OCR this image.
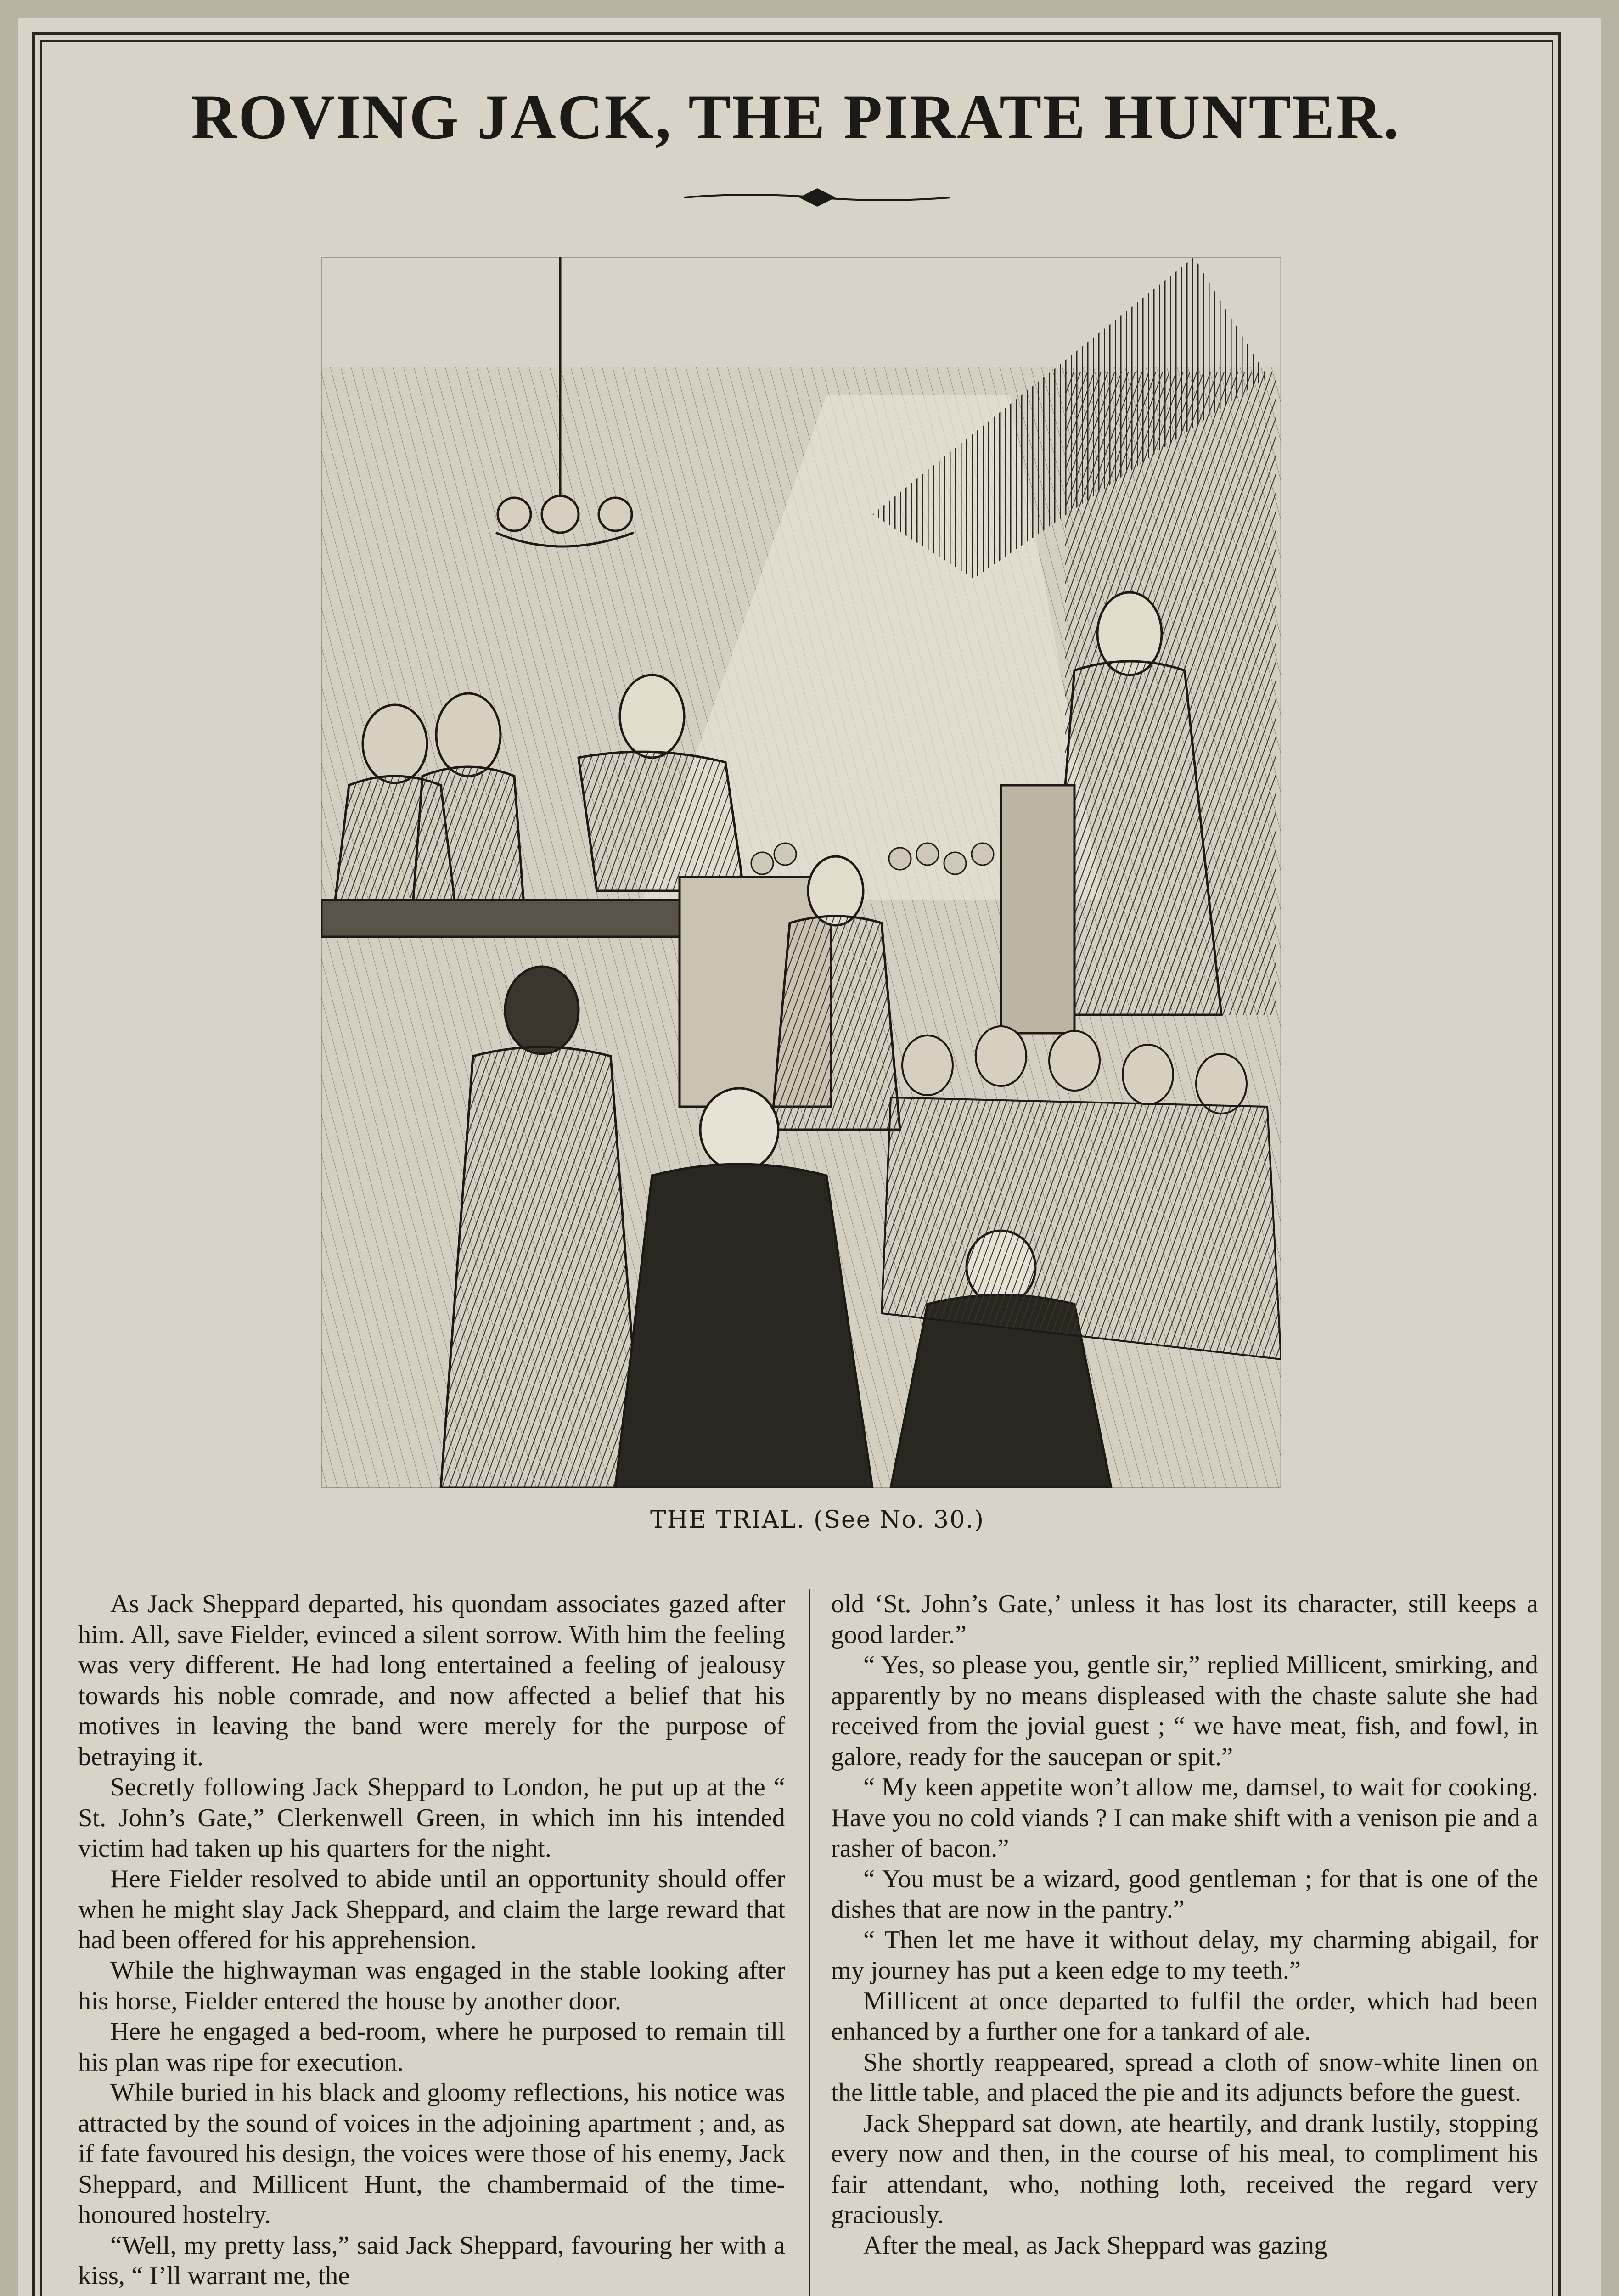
ROVING JACK, THE PIRATE HUNTER.
THE TRIAL. (See No. 30.)

As Jack Sheppard departed, his quondam associates gazed after him. All, save Fielder, evinced a silent sorrow. With him the feeling was very different. He had long entertained a feeling of jealousy towards his noble comrade, and now affected a belief that his motives in leaving the band were merely for the purpose of betraying it.

Secretly following Jack Sheppard to London, he put up at the “ St. John’s Gate,” Clerkenwell Green, in which inn his intended victim had taken up his quarters for the night.

Here Fielder resolved to abide until an opportunity should offer when he might slay Jack Sheppard, and claim the large reward that had been offered for his apprehension.

While the highwayman was engaged in the stable looking after his horse, Fielder entered the house by another door.

Here he engaged a bed-room, where he purposed to remain till his plan was ripe for execution.

While buried in his black and gloomy reflections, his notice was attracted by the sound of voices in the adjoining apartment ; and, as if fate favoured his design, the voices were those of his enemy, Jack Sheppard, and Millicent Hunt, the chambermaid of the time-honoured hostelry.

“Well, my pretty lass,” said Jack Sheppard, favouring her with a kiss, “ I’ll warrant me, the

old ‘St. John’s Gate,’ unless it has lost its character, still keeps a good larder.”

“ Yes, so please you, gentle sir,” replied Millicent, smirking, and apparently by no means displeased with the chaste salute she had received from the jovial guest ; “ we have meat, fish, and fowl, in galore, ready for the saucepan or spit.”

“ My keen appetite won’t allow me, damsel, to wait for cooking. Have you no cold viands ? I can make shift with a venison pie and a rasher of bacon.”

“ You must be a wizard, good gentleman ; for that is one of the dishes that are now in the pantry.”

“ Then let me have it without delay, my charming abigail, for my journey has put a keen edge to my teeth.”

Millicent at once departed to fulfil the order, which had been enhanced by a further one for a tankard of ale.

She shortly reappeared, spread a cloth of snow-white linen on the little table, and placed the pie and its adjuncts before the guest.

Jack Sheppard sat down, ate heartily, and drank lustily, stopping every now and then, in the course of his meal, to compliment his fair attendant, who, nothing loth, received the regard very graciously.

After the meal, as Jack Sheppard was gazing
